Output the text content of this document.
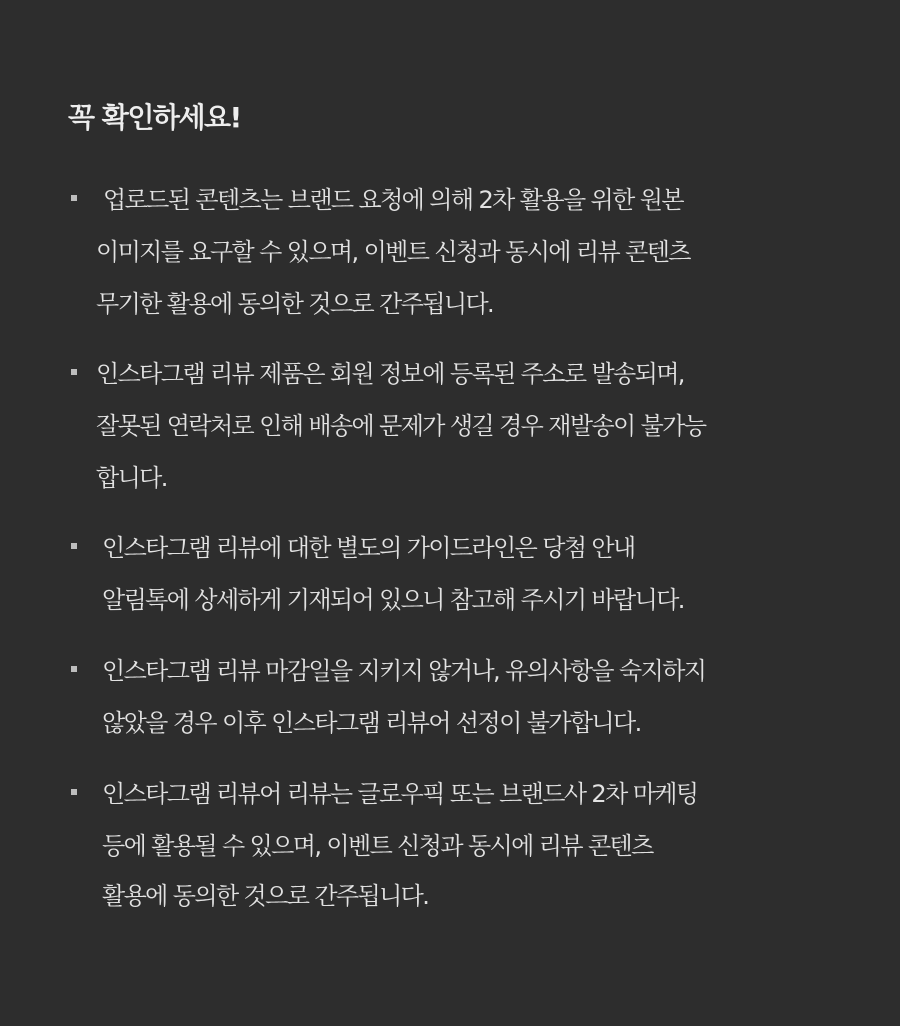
꼭 확인하세요!

업로드된 콘텐츠는 브랜드 요청에 의해 2차 활용을 위한 원본

이미지를 요구할 수 있으며, 이벤트 신청과 동시에 리뷰 콘텐츠

무기한 활용에 동의한 것으로 간주됩니다.

인스타그램 리뷰 제품은 회원 정보에 등록된 주소로 발송되며,

잘못된 연락처로 인해 배송에 문제가 생길 경우 재발송이 불가능

합니다.

인스타그램 리뷰에 대한 별도의 가이드라인은 당첨 안내

알림톡에 상세하게 기재되어 있으니 참고해 주시기 바랍니다.

인스타그램 리뷰 마감일을 지키지 않거나, 유의사항을 숙지하지

않았을 경우 이후 인스타그램 리뷰어 선정이 불가합니다.

인스타그램 리뷰어 리뷰는 글로우픽 또는 브랜드사 2차 마케팅

등에 활용될 수 있으며, 이벤트 신청과 동시에 리뷰 콘텐츠

활용에 동의한 것으로 간주됩니다.
